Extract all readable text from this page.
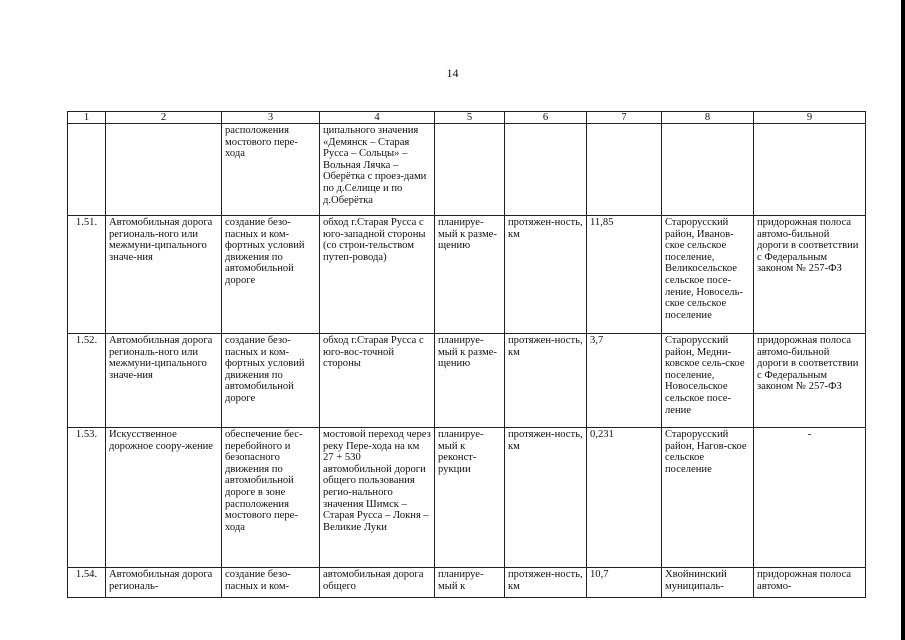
14
1	2	3	4	5	6	7	8	9
		расположения мостового пере-хода	ципального значения «Демянск – Старая Русса – Сольцы» – Вольная Лячка – Оберётка с проез-дами по д.Селище и по д.Оберётка					
1.51.	Автомобильная дорога региональ-ного или межмуни-ципального значе-ния	создание безо-пасных и ком-фортных условий движения по автомобильной дороге	обход г.Старая Русса с юго-западной стороны (со строи-тельством путеп-ровода)	планируе-мый к разме-щению	протяжен-ность, км	11,85	Старорусский район, Иванов-ское сельское поселение, Великосельское сельское посе-ление, Новосель-ское сельское поселение	придорожная полоса автомо-бильной дороги в соответствии с Федеральным законом № 257-ФЗ
1.52.	Автомобильная дорога региональ-ного или межмуни-ципального значе-ния	создание безо-пасных и ком-фортных условий движения по автомобильной дороге	обход г.Старая Русса с юго-вос-точной стороны	планируе-мый к разме-щению	протяжен-ность, км	3,7	Старорусский район, Медни-ковское сель-ское поселение, Новосельское сельское посе-ление	придорожная полоса автомо-бильной дороги в соответствии с Федеральным законом № 257-ФЗ
1.53.	Искусственное дорожное соору-жение	обеспечение бес-перебойного и безопасного движения по автомобильной дороге в зоне расположения мостового пере-хода	мостовой переход через реку Пере-хода на км 27 + 530 автомобильной дороги общего пользования регио-нального значения Шимск – Старая Русса – Локня – Великие Луки	планируе-мый к реконст-рукции	протяжен-ность, км	0,231	Старорусский район, Нагов-ское сельское поселение	-
1.54.	Автомобильная дорога региональ-	создание безо-пасных и ком-	автомобильная дорога общего	планируе-мый к	протяжен-ность, км	10,7	Хвойнинский муниципаль-	придорожная полоса автомо-
